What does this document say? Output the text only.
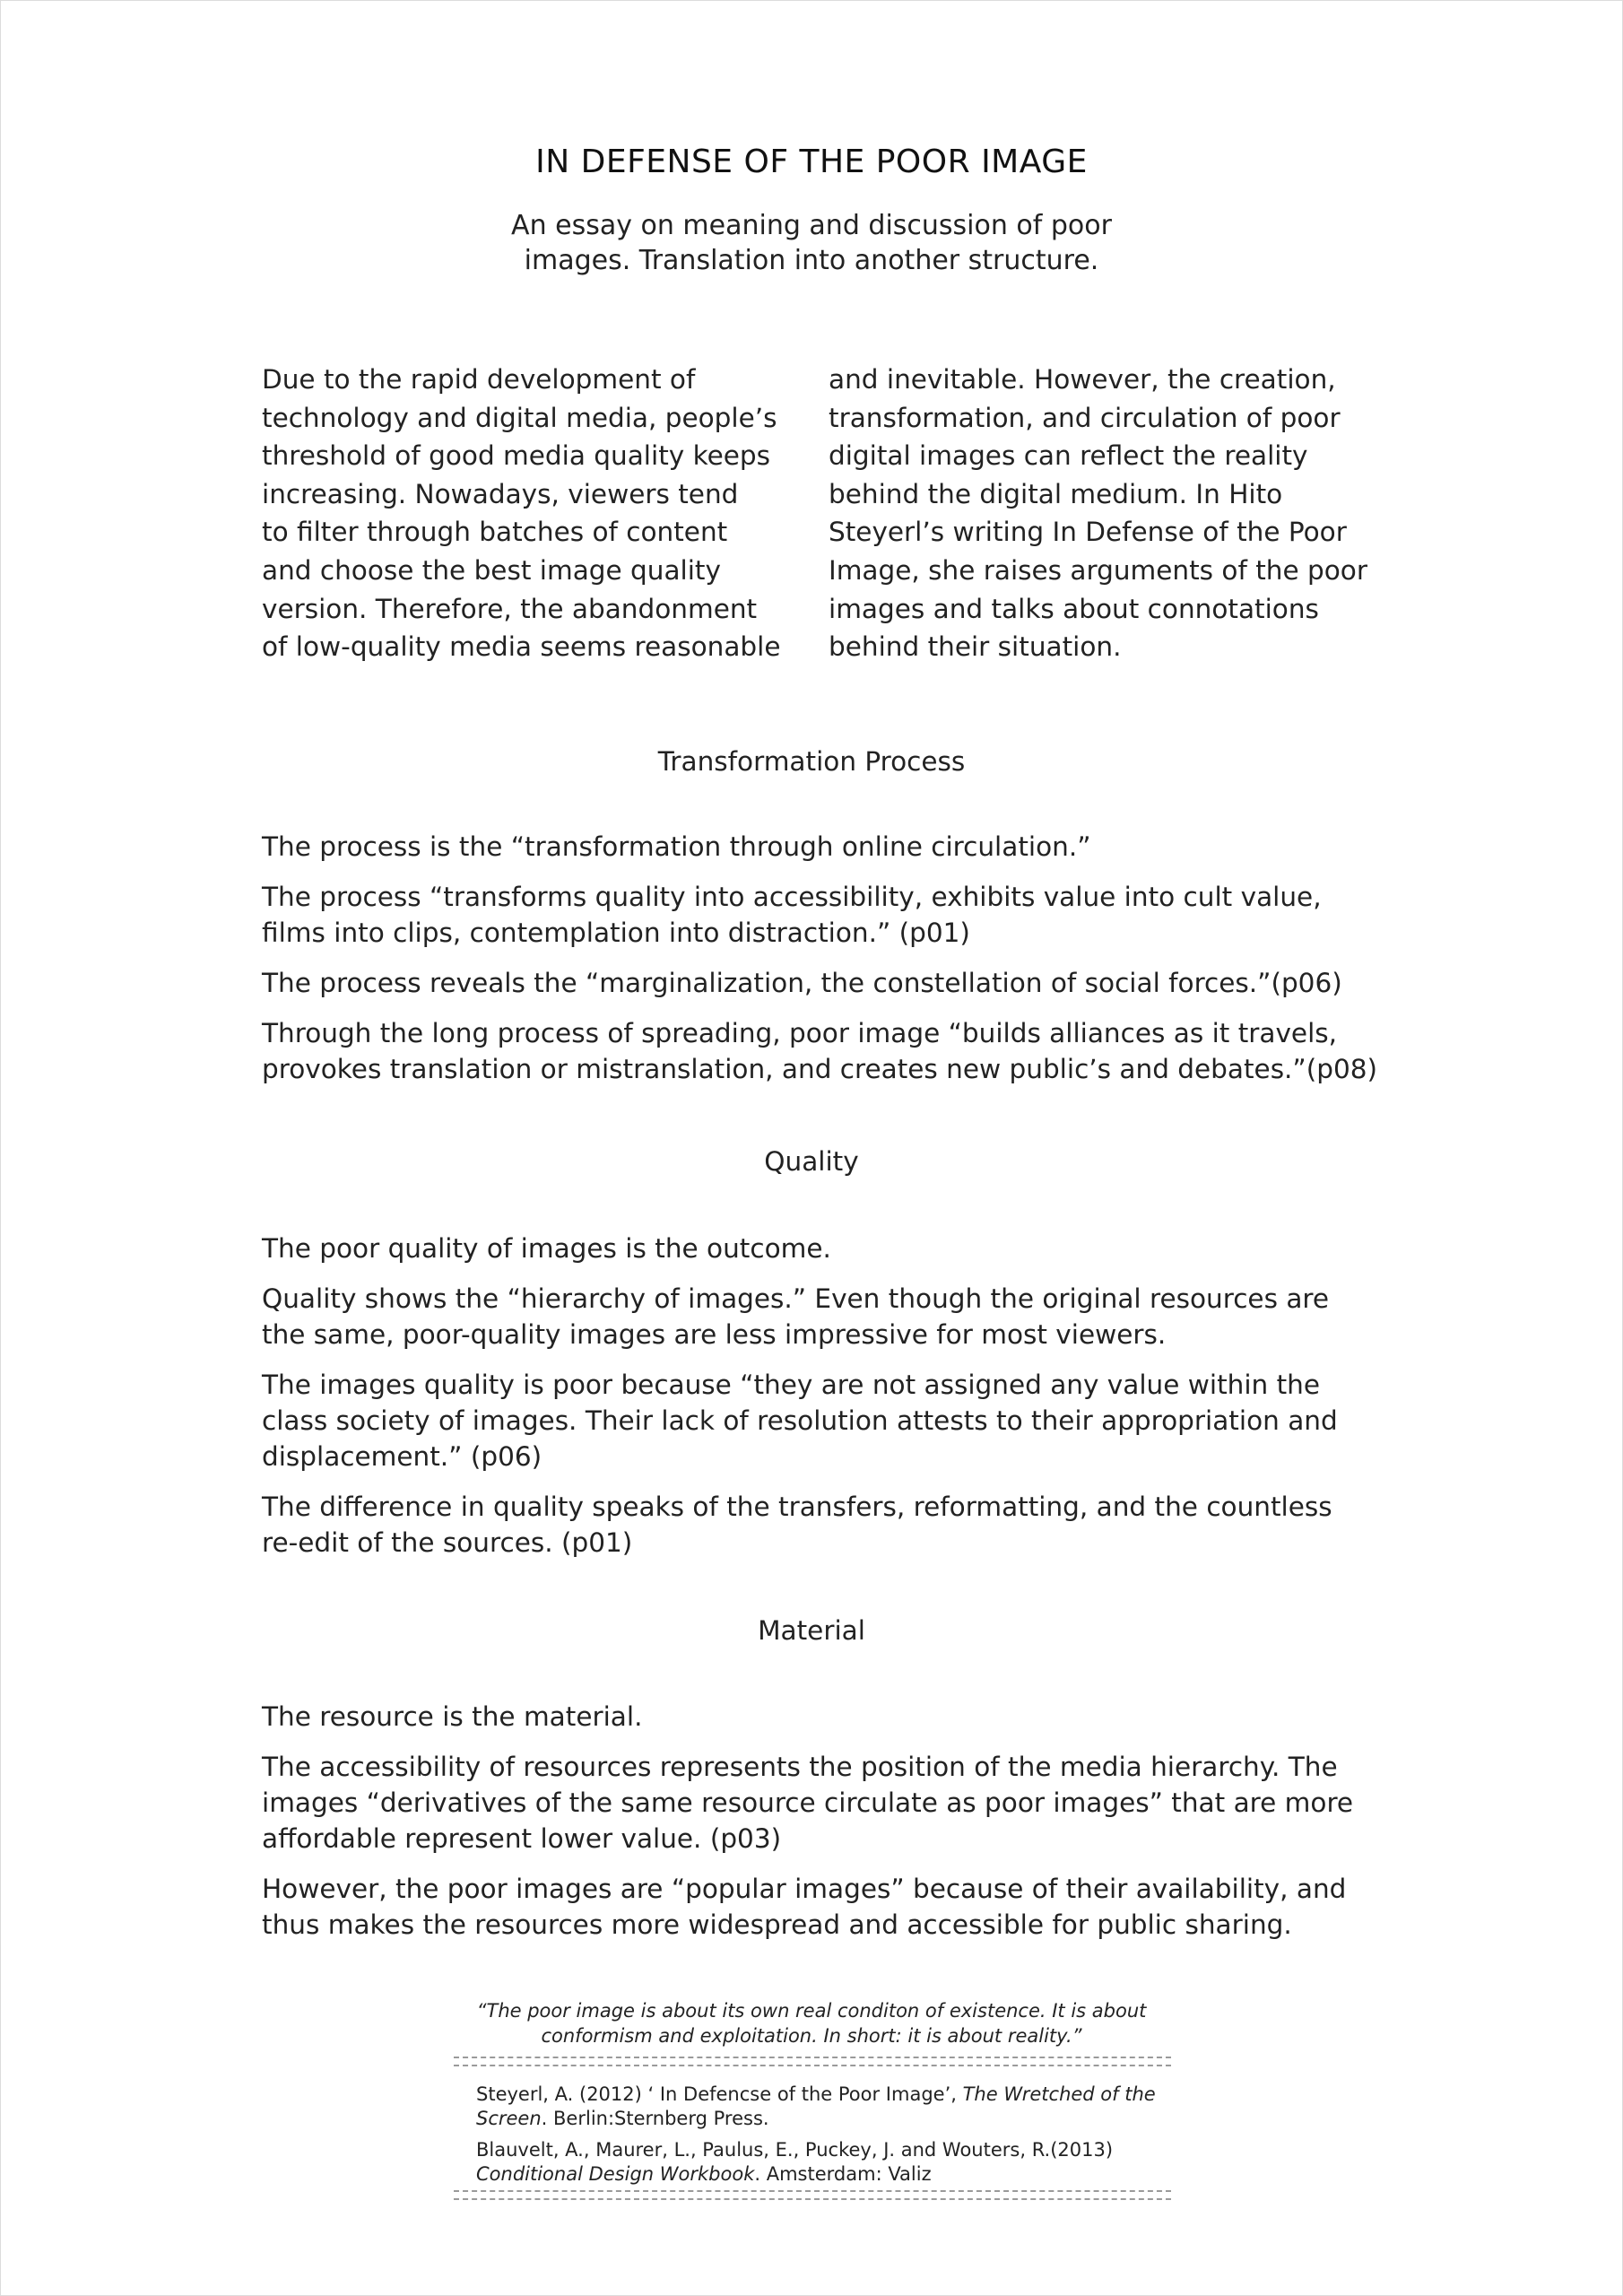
IN DEFENSE OF THE POOR IMAGE
An essay on meaning and discussion of poor
images. Translation into another structure.
Due to the rapid development of
technology and digital media, people’s
threshold of good media quality keeps
increasing. Nowadays, viewers tend
to filter through batches of content
and choose the best image quality
version. Therefore, the abandonment
of low-quality media seems reasonable
and inevitable. However, the creation,
transformation, and circulation of poor
digital images can reflect the reality
behind the digital medium. In Hito
Steyerl’s writing In Defense of the Poor
Image, she raises arguments of the poor
images and talks about connotations
behind their situation.
Transformation Process
The process is the “transformation through online circulation.”
The process “transforms quality into accessibility, exhibits value into cult value,
films into clips, contemplation into distraction.” (p01)
The process reveals the “marginalization, the constellation of social forces.”(p06)
Through the long process of spreading, poor image “builds alliances as it travels,
provokes translation or mistranslation, and creates new public’s and debates.”(p08)
Quality
The poor quality of images is the outcome.
Quality shows the “hierarchy of images.” Even though the original resources are
the same, poor-quality images are less impressive for most viewers.
The images quality is poor because “they are not assigned any value within the
class society of images. Their lack of resolution attests to their appropriation and
displacement.” (p06)
The difference in quality speaks of the transfers, reformatting, and the countless
re-edit of the sources. (p01)
Material
The resource is the material.
The accessibility of resources represents the position of the media hierarchy. The
images “derivatives of the same resource circulate as poor images” that are more
affordable represent lower value. (p03)
However, the poor images are “popular images” because of their availability, and
thus makes the resources more widespread and accessible for public sharing.
“The poor image is about its own real conditon of existence. It is about
conformism and exploitation. In short: it is about reality.”
Steyerl, A. (2012) ‘ In Defencse of the Poor Image’, The Wretched of the
Screen. Berlin:Sternberg Press.
Blauvelt, A., Maurer, L., Paulus, E., Puckey, J. and Wouters, R.(2013)
Conditional Design Workbook. Amsterdam: Valiz
